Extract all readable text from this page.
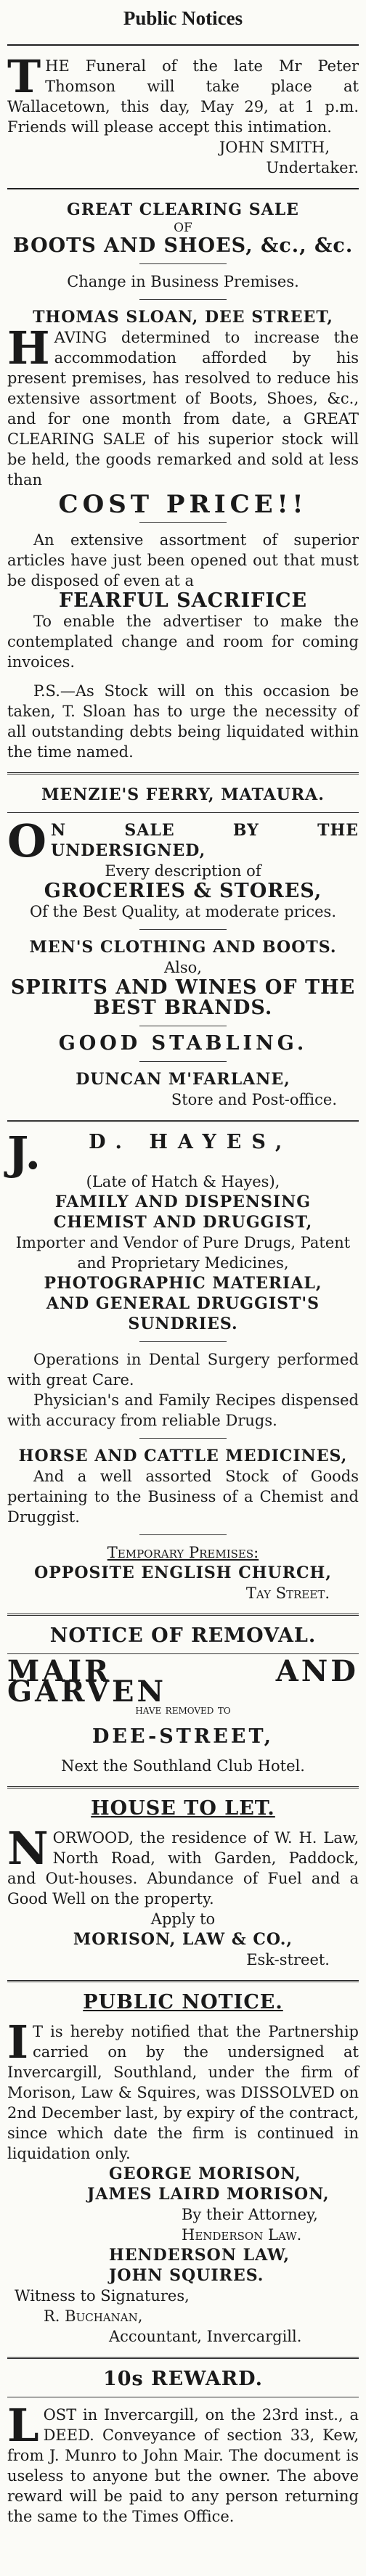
Public Notices

THE Funeral of the late Mr Peter Thomson will take place at Wallacetown, this day, May 29, at 1 p.m. Friends will please accept this intimation.

JOHN SMITH,

Undertaker.

GREAT CLEARING SALE

OF

BOOTS AND SHOES, &c., &c.

Change in Business Premises.

THOMAS SLOAN, DEE STREET,

HAVING determined to increase the accommodation afforded by his present premises, has resolved to reduce his extensive assortment of Boots, Shoes, &c., and for one month from date, a GREAT CLEARING SALE of his superior stock will be held, the goods remarked and sold at less than

COST PRICE!!

An extensive assortment of superior articles have just been opened out that must be disposed of even at a

FEARFUL SACRIFICE

To enable the advertiser to make the contemplated change and room for coming invoices.

P.S.—As Stock will on this occasion be taken, T. Sloan has to urge the necessity of all outstanding debts being liquidated within the time named.

MENZIE'S FERRY, MATAURA.

O N SALE BY THE UNDERSIGNED,

Every description of

GROCERIES & STORES,

Of the Best Quality, at moderate prices.

MEN'S CLOTHING AND BOOTS.

Also,

SPIRITS AND WINES OF THE BEST BRANDS.

GOOD STABLING.

DUNCAN M'FARLANE,

Store and Post-office.

J. D. HAYES,

(Late of Hatch & Hayes),

FAMILY AND DISPENSING CHEMIST AND DRUGGIST,

Importer and Vendor of Pure Drugs, Patent and Proprietary Medicines,

PHOTOGRAPHIC MATERIAL,

AND GENERAL DRUGGIST'S SUNDRIES.

Operations in Dental Surgery performed with great Care.

Physician's and Family Recipes dispensed with accuracy from reliable Drugs.

HORSE AND CATTLE MEDICINES,

And a well assorted Stock of Goods pertaining to the Business of a Chemist and Druggist.

Temporary Premises:

OPPOSITE ENGLISH CHURCH,

Tay Street.

NOTICE OF REMOVAL.

MAIR AND GARVEN

have removed to

DEE-STREET,

Next the Southland Club Hotel.

HOUSE TO LET.

NORWOOD, the residence of W. H. Law, North Road, with Garden, Paddock, and Out-houses. Abundance of Fuel and a Good Well on the property.

Apply to

MORISON, LAW & CO.,

Esk-street.

PUBLIC NOTICE.

I T is hereby notified that the Partnership carried on by the undersigned at Invercargill, Southland, under the firm of Morison, Law & Squires, was DISSOLVED on 2nd December last, by expiry of the contract, since which date the firm is continued in liquidation only.

GEORGE MORISON,

JAMES LAIRD MORISON,

By their Attorney,

Henderson Law.

HENDERSON LAW,

JOHN SQUIRES.

Witness to Signatures,

R. Buchanan,

Accountant, Invercargill.

10s REWARD.

LOST in Invercargill, on the 23rd inst., a DEED. Conveyance of section 33, Kew, from J. Munro to John Mair. The document is useless to anyone but the owner. The above reward will be paid to any person returning the same to the Times Office.
